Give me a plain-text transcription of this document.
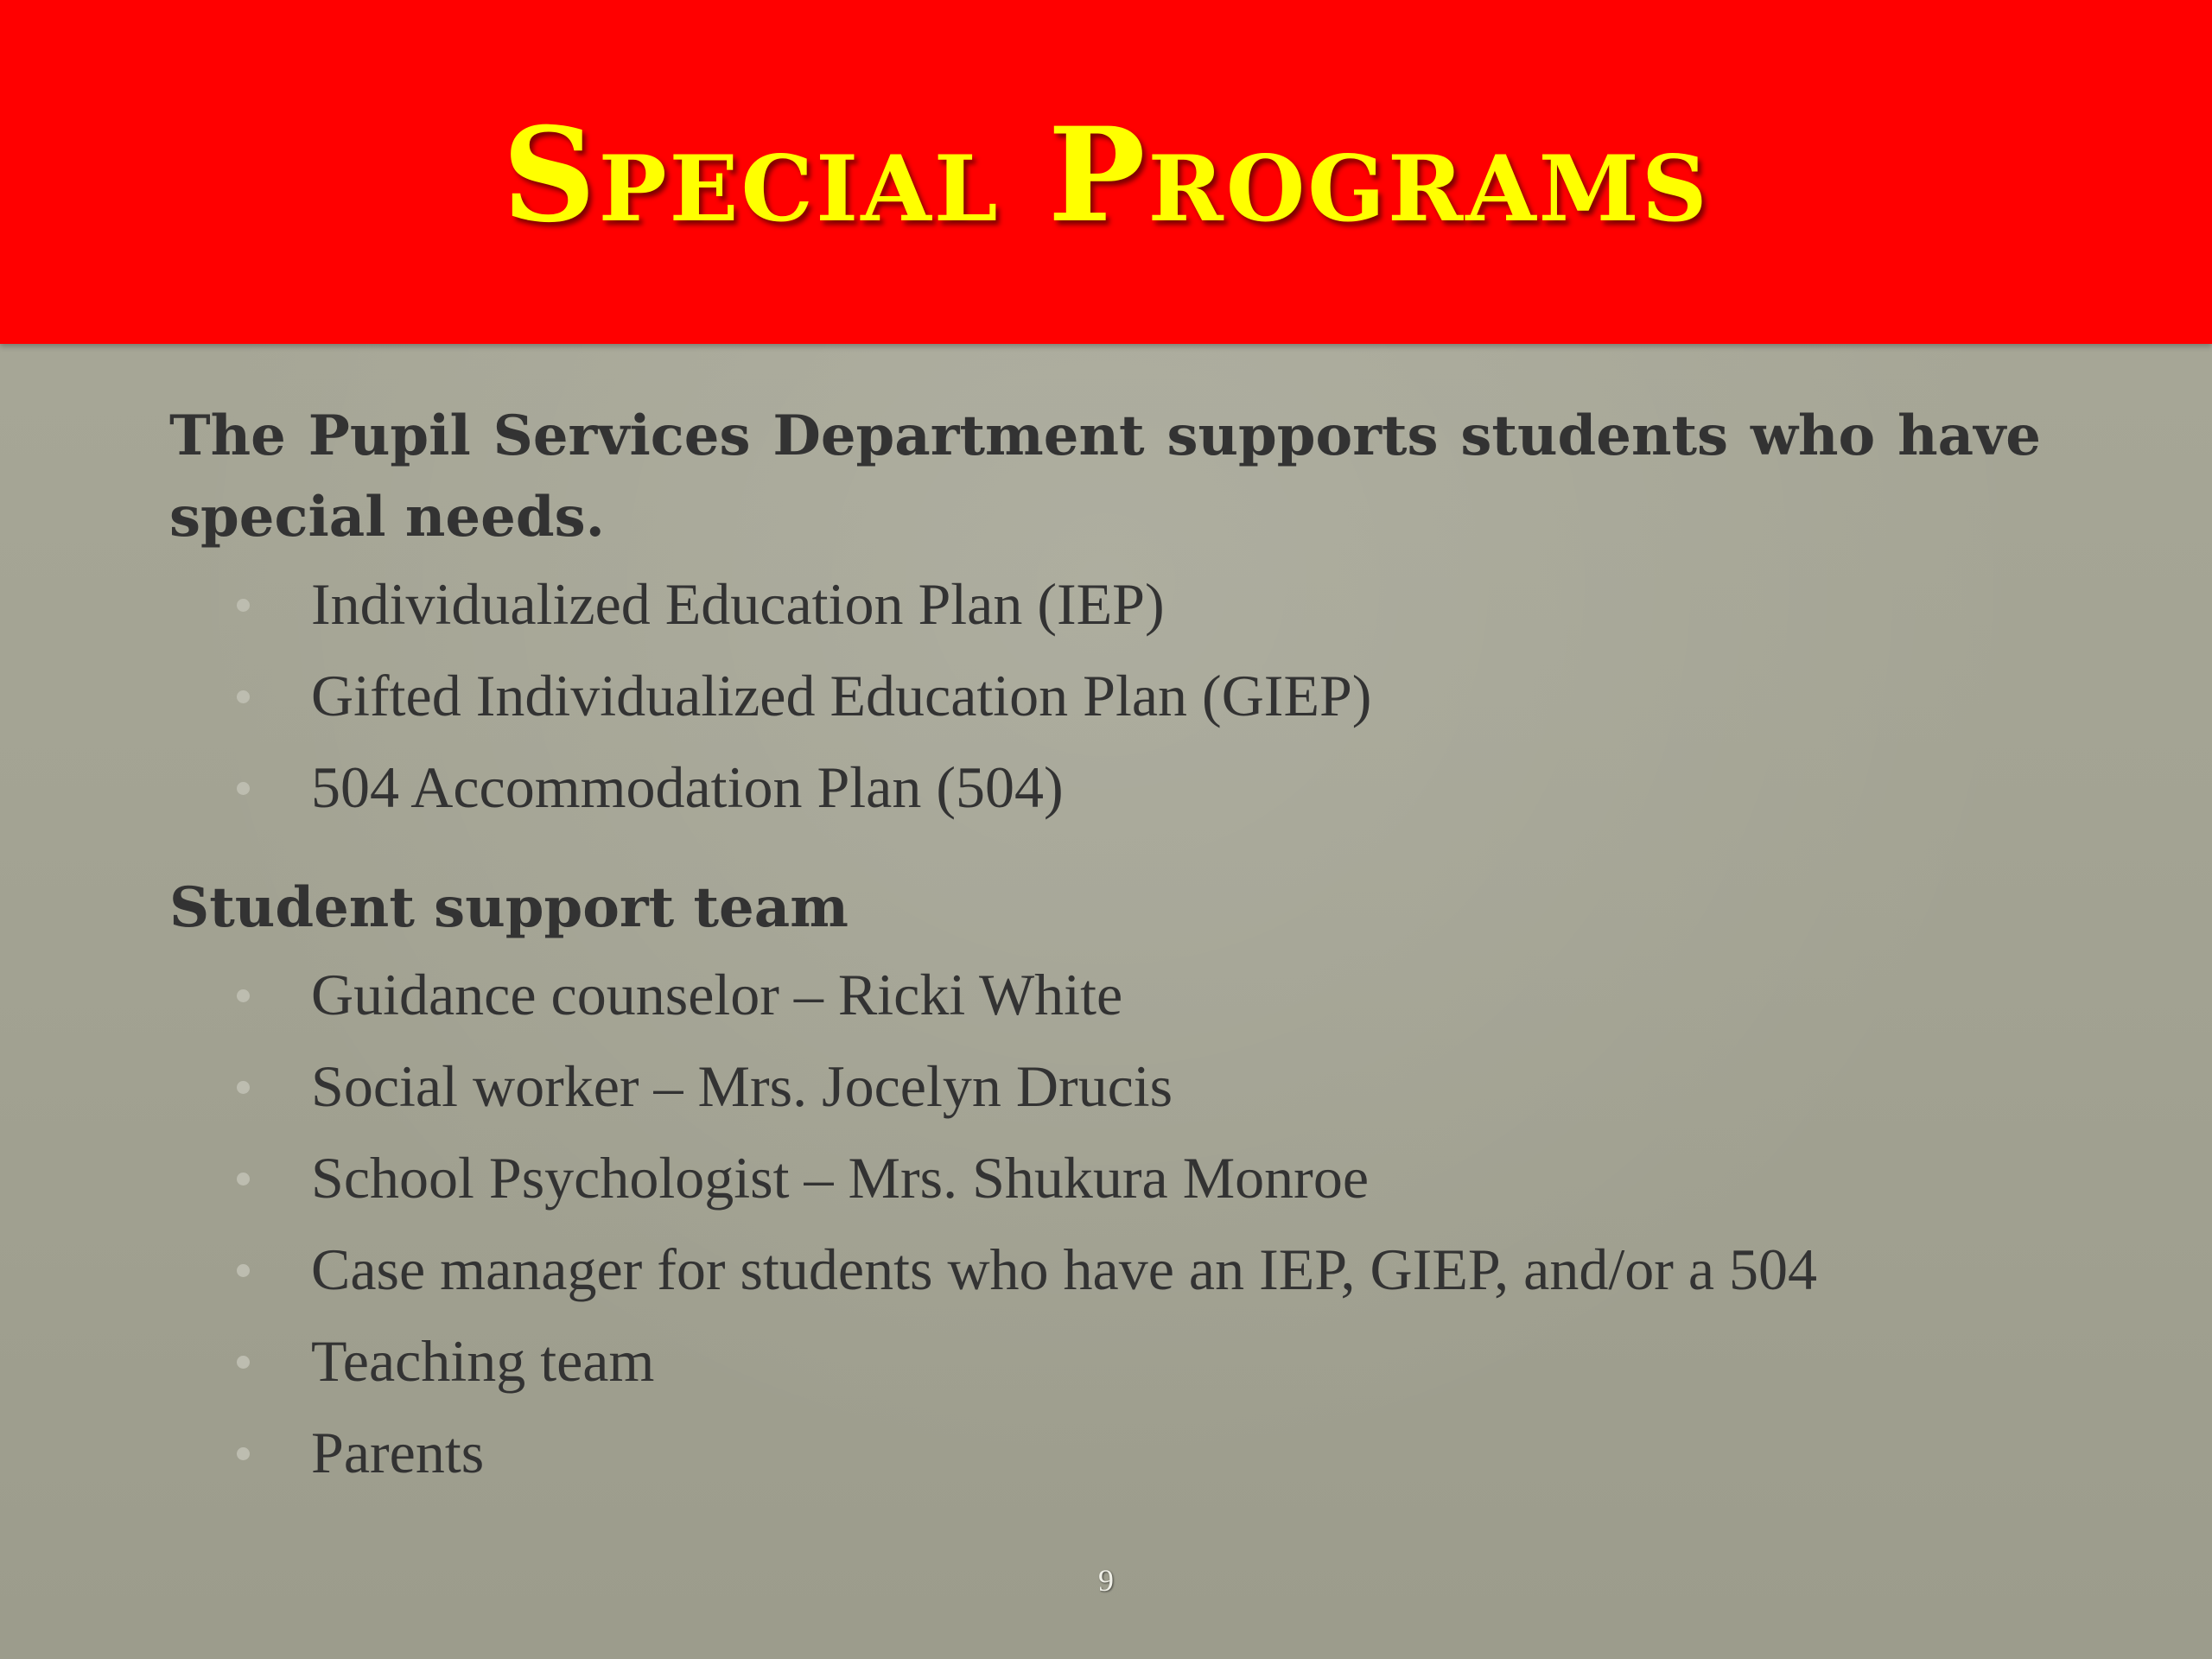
Special Programs

The Pupil Services Department supports students who have special needs.

Individualized Education Plan (IEP)
Gifted Individualized Education Plan (GIEP)
504 Accommodation Plan (504)

Student support team

Guidance counselor – Ricki White
Social worker – Mrs. Jocelyn Drucis
School Psychologist – Mrs. Shukura Monroe
Case manager for students who have an IEP, GIEP, and/or a 504
Teaching team
Parents
9
